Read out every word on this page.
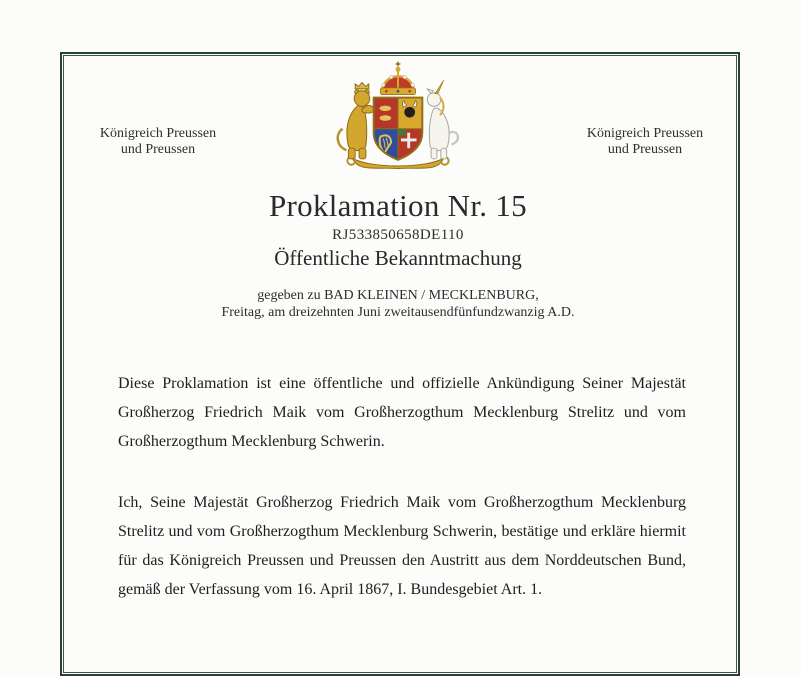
Königreich Preussen
und Preussen
Königreich Preussen
und Preussen
Proklamation Nr. 15
RJ533850658DE110
Öffentliche Bekanntmachung
gegeben zu BAD KLEINEN / MECKLENBURG,
Freitag, am dreizehnten Juni zweitausendfünfundzwanzig A.D.
Diese Proklamation ist eine öffentliche und offizielle Ankündigung Seiner Majestät
Großherzog Friedrich Maik vom Großherzogthum Mecklenburg Strelitz und vom
Großherzogthum Mecklenburg Schwerin.
Ich, Seine Majestät Großherzog Friedrich Maik vom Großherzogthum Mecklenburg
Strelitz und vom Großherzogthum Mecklenburg Schwerin, bestätige und erkläre hiermit
für das Königreich Preussen und Preussen den Austritt aus dem Norddeutschen Bund,
gemäß der Verfassung vom 16. April 1867, I. Bundesgebiet Art. 1.
